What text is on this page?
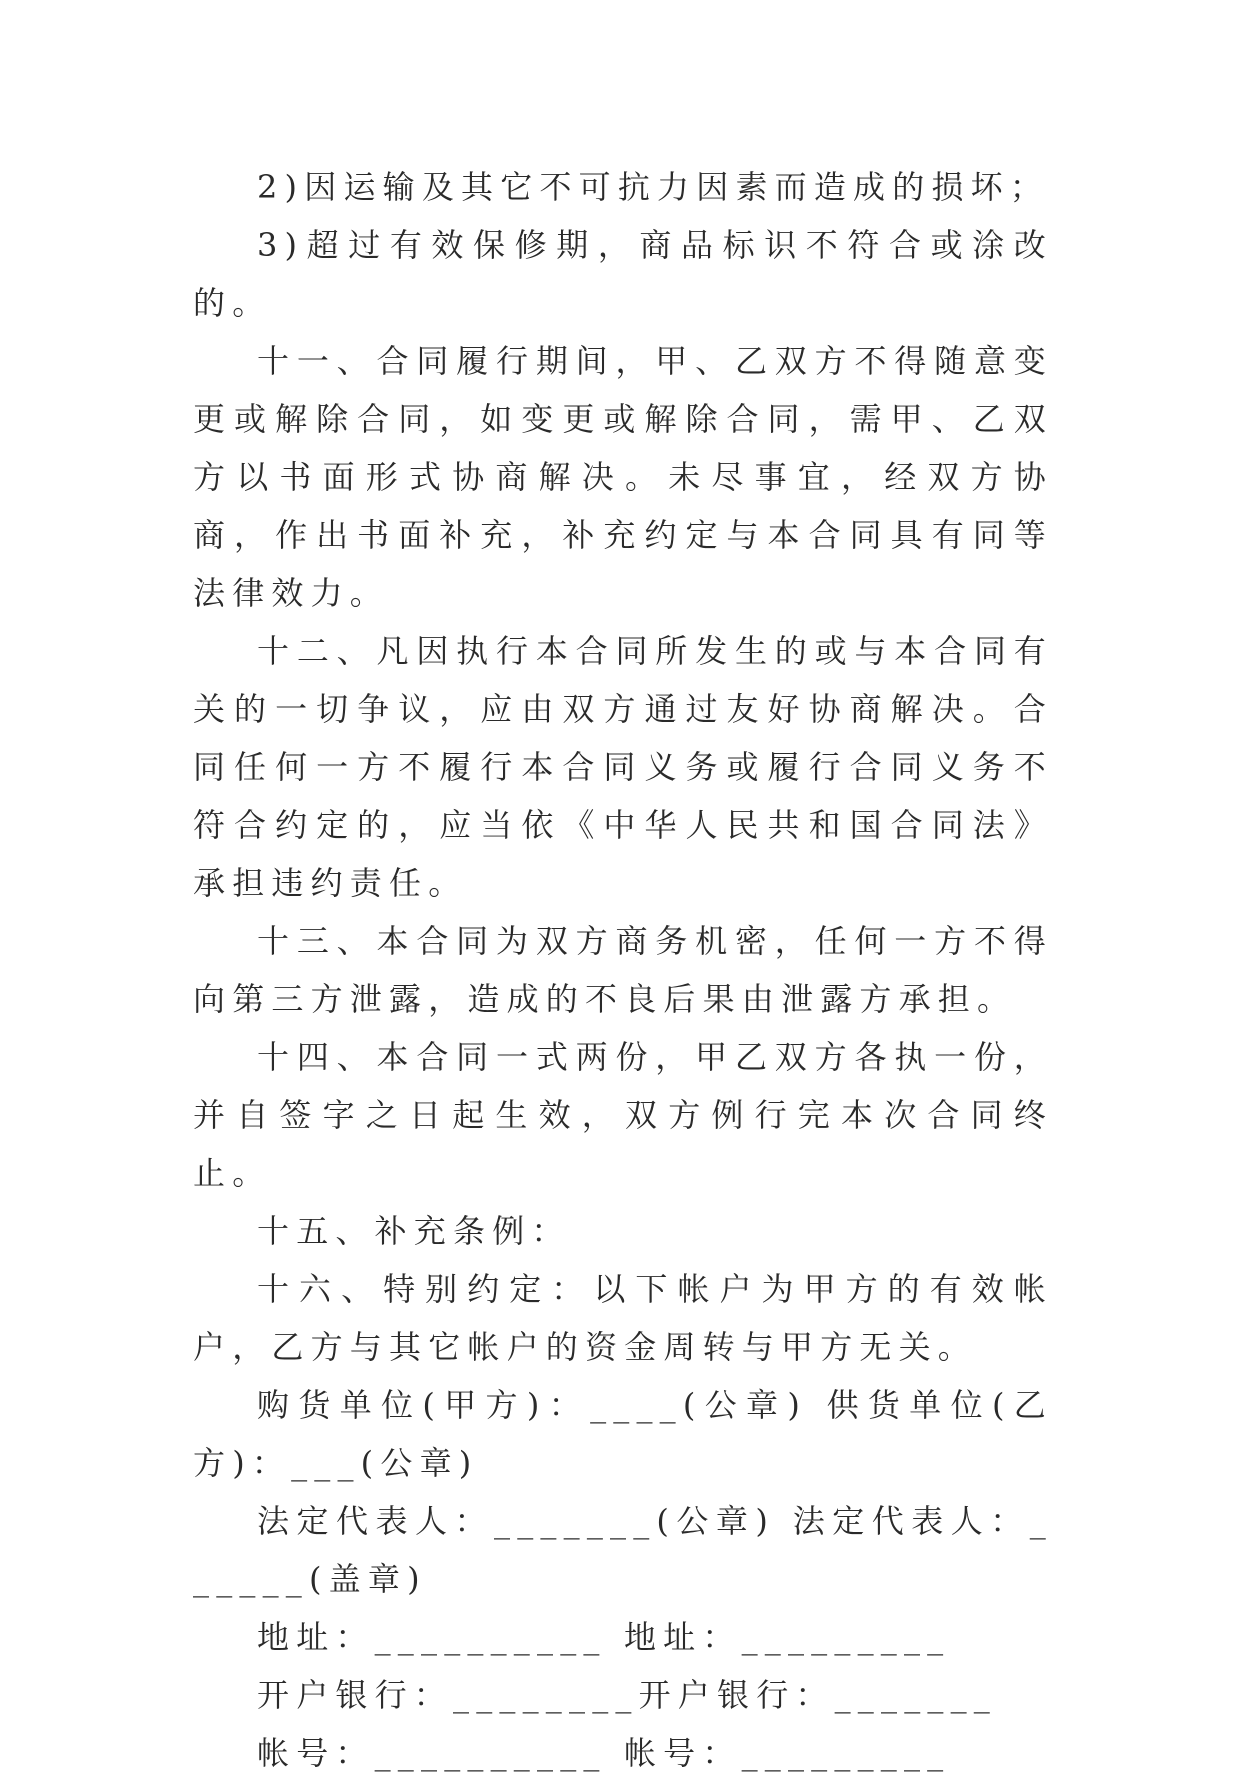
2)因运输及其它不可抗力因素而造成的损坏；

3)超过有效保修期，商品标识不符合或涂改的。

十一、合同履行期间，甲、乙双方不得随意变更或解除合同，如变更或解除合同，需甲、乙双方以书面形式协商解决。未尽事宜，经双方协商，作出书面补充，补充约定与本合同具有同等法律效力。

十二、凡因执行本合同所发生的或与本合同有关的一切争议，应由双方通过友好协商解决。合同任何一方不履行本合同义务或履行合同义务不符合约定的，应当依《中华人民共和国合同法》承担违约责任。

十三、本合同为双方商务机密，任何一方不得向第三方泄露，造成的不良后果由泄露方承担。

十四、本合同一式两份，甲乙双方各执一份，并自签字之日起生效，双方例行完本次合同终止。

十五、补充条例：

十六、特别约定：以下帐户为甲方的有效帐户，乙方与其它帐户的资金周转与甲方无关。

购货单位(甲方)：____(公章) 供货单位(乙方)：___(公章)

法定代表人：_______(公章) 法定代表人：______(盖章)

地址：__________ 地址：_________

开户银行：________开户银行：_______

帐号：__________ 帐号：_________
